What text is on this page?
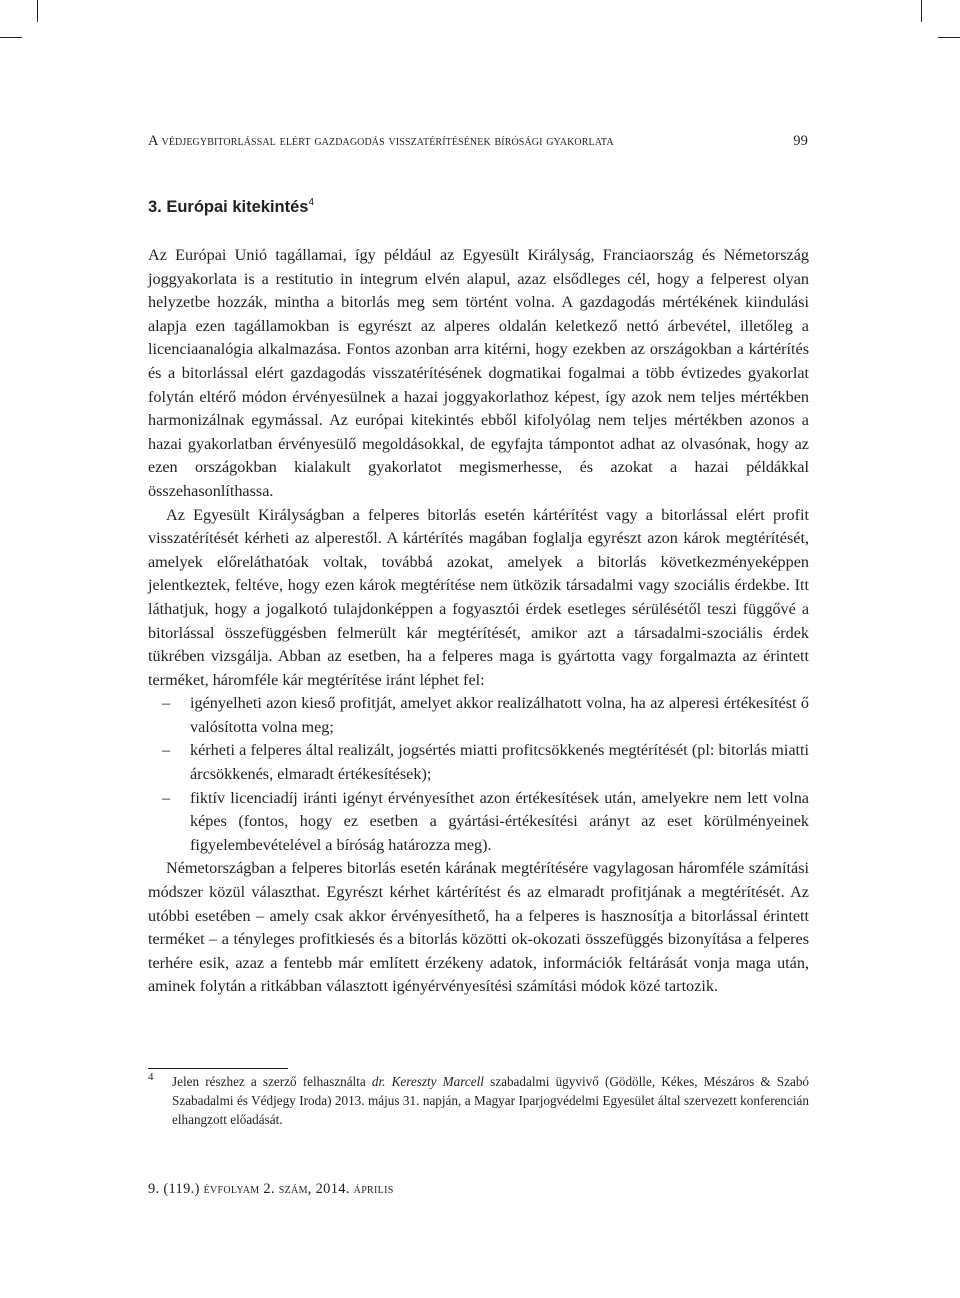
A védjegybitorlással elért gazdagodás visszatérítésének bírósági gyakorlata	99
3. Európai kitekintés$^4$

Az Európai Unió tagállamai, így például az Egyesült Királyság, Franciaország és Németország joggyakorlata is a restitutio in integrum elvén alapul, azaz elsődleges cél, hogy a felperest olyan helyzetbe hozzák, mintha a bitorlás meg sem történt volna. A gazdagodás mértékének kiindulási alapja ezen tagállamokban is egyrészt az alperes oldalán keletkező nettó árbevétel, illetőleg a licenciaanalógia alkalmazása. Fontos azonban arra kitérni, hogy ezekben az országokban a kártérítés és a bitorlással elért gazdagodás visszatérítésének dogmatikai fogalmai a több évtizedes gyakorlat folytán eltérő módon érvényesülnek a hazai joggyakorlathoz képest, így azok nem teljes mértékben harmonizálnak egymással. Az európai kitekintés ebből kifolyólag nem teljes mértékben azonos a hazai gyakorlatban érvényesülő megoldásokkal, de egyfajta támpontot adhat az olvasónak, hogy az ezen országokban kialakult gyakorlatot megismerhesse, és azokat a hazai példákkal összehasonlíthassa.

Az Egyesült Királyságban a felperes bitorlás esetén kártérítést vagy a bitorlással elért profit visszatérítését kérheti az alperestől. A kártérítés magában foglalja egyrészt azon károk megtérítését, amelyek előreláthatóak voltak, továbbá azokat, amelyek a bitorlás következményeképpen jelentkeztek, feltéve, hogy ezen károk megtérítése nem ütközik társadalmi vagy szociális érdekbe. Itt láthatjuk, hogy a jogalkotó tulajdonképpen a fogyasztói érdek esetleges sérülésétől teszi függővé a bitorlással összefüggésben felmerült kár megtérítését, amikor azt a társadalmi-szociális érdek tükrében vizsgálja. Abban az esetben, ha a felperes maga is gyártotta vagy forgalmazta az érintett terméket, háromféle kár megtérítése iránt léphet fel:

– igényelheti azon kieső profitját, amelyet akkor realizálhatott volna, ha az alperesi értékesítést ő valósította volna meg;
– kérheti a felperes által realizált, jogsértés miatti profitcsökkenés megtérítését (pl: bitorlás miatti árcsökkenés, elmaradt értékesítések);
– fiktív licenciadíj iránti igényt érvényesíthet azon értékesítések után, amelyekre nem lett volna képes (fontos, hogy ez esetben a gyártási-értékesítési arányt az eset körülményeinek figyelembevételével a bíróság határozza meg).

Németországban a felperes bitorlás esetén kárának megtérítésére vagylagosan háromféle számítási módszer közül választhat. Egyrészt kérhet kártérítést és az elmaradt profitjának a megtérítését. Az utóbbi esetében – amely csak akkor érvényesíthető, ha a felperes is hasznosítja a bitorlással érintett terméket – a tényleges profitkiesés és a bitorlás közötti ok-okozati összefüggés bizonyítása a felperes terhére esik, azaz a fentebb már említett érzékeny adatok, információk feltárását vonja maga után, aminek folytán a ritkábban választott igényérvényesítési számítási módok közé tartozik.

4 Jelen részhez a szerző felhasználta dr. Kereszty Marcell szabadalmi ügyvivő (Gödölle, Kékes, Mészáros & Szabó Szabadalmi és Védjegy Iroda) 2013. május 31. napján, a Magyar Iparjogvédelmi Egyesület által szervezett konferencián elhangzott előadását.
9. (119.) évfolyam 2. szám, 2014. április
